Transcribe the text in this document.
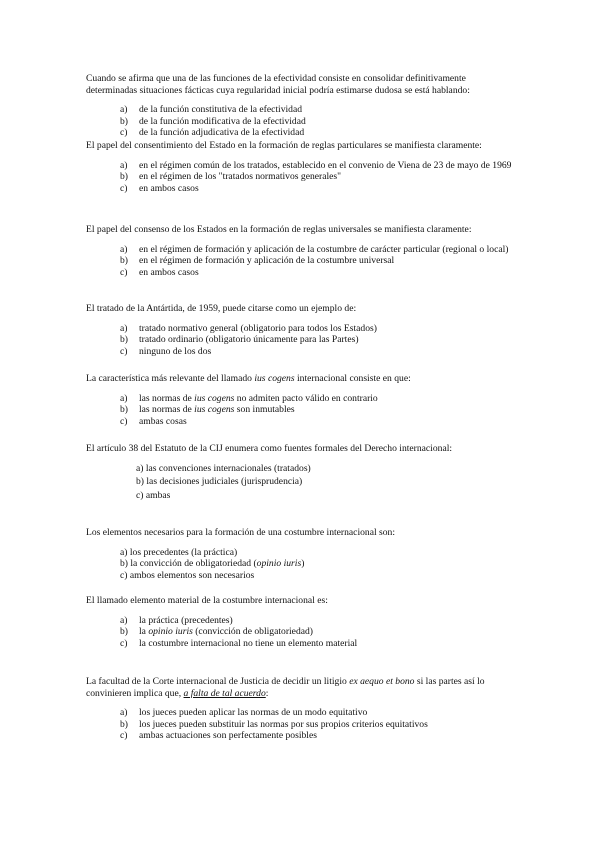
Cuando se afirma que una de las funciones de la efectividad consiste en consolidar definitivamente determinadas situaciones fácticas cuya regularidad inicial podría estimarse dudosa se está hablando:

a) de la función constitutiva de la efectividad
b) de la función modificativa de la efectividad
c) de la función adjudicativa de la efectividad

El papel del consentimiento del Estado en la formación de reglas particulares se manifiesta claramente:

a) en el régimen común de los tratados, establecido en el convenio de Viena de 23 de mayo de 1969
b) en el régimen de los "tratados normativos generales"
c) en ambos casos

El papel del consenso de los Estados en la formación de reglas universales se manifiesta claramente:

a) en el régimen de formación y aplicación de la costumbre de carácter particular (regional o local)
b) en el régimen de formación y aplicación de la costumbre universal
c) en ambos casos

El tratado de la Antártida, de 1959, puede citarse como un ejemplo de:

a) tratado normativo general (obligatorio para todos los Estados)
b) tratado ordinario (obligatorio únicamente para las Partes)
c) ninguno de los dos

La característica más relevante del llamado ius cogens internacional consiste en que:

a) las normas de ius cogens no admiten pacto válido en contrario
b) las normas de ius cogens son inmutables
c) ambas cosas

El artículo 38 del Estatuto de la CIJ enumera como fuentes formales del Derecho internacional:

a) las convenciones internacionales (tratados)
b) las decisiones judiciales (jurisprudencia)
c) ambas

Los elementos necesarios para la formación de una costumbre internacional son:

a) los precedentes (la práctica)
b) la convicción de obligatoriedad (opinio iuris)
c) ambos elementos son necesarios

El llamado elemento material de la costumbre internacional es:

a) la práctica (precedentes)
b) la opinio iuris (convicción de obligatoriedad)
c) la costumbre internacional no tiene un elemento material

La facultad de la Corte internacional de Justicia de decidir un litigio ex aequo et bono si las partes así lo convinieren implica que, a falta de tal acuerdo:

a) los jueces pueden aplicar las normas de un modo equitativo
b) los jueces pueden substituir las normas por sus propios criterios equitativos
c) ambas actuaciones son perfectamente posibles
